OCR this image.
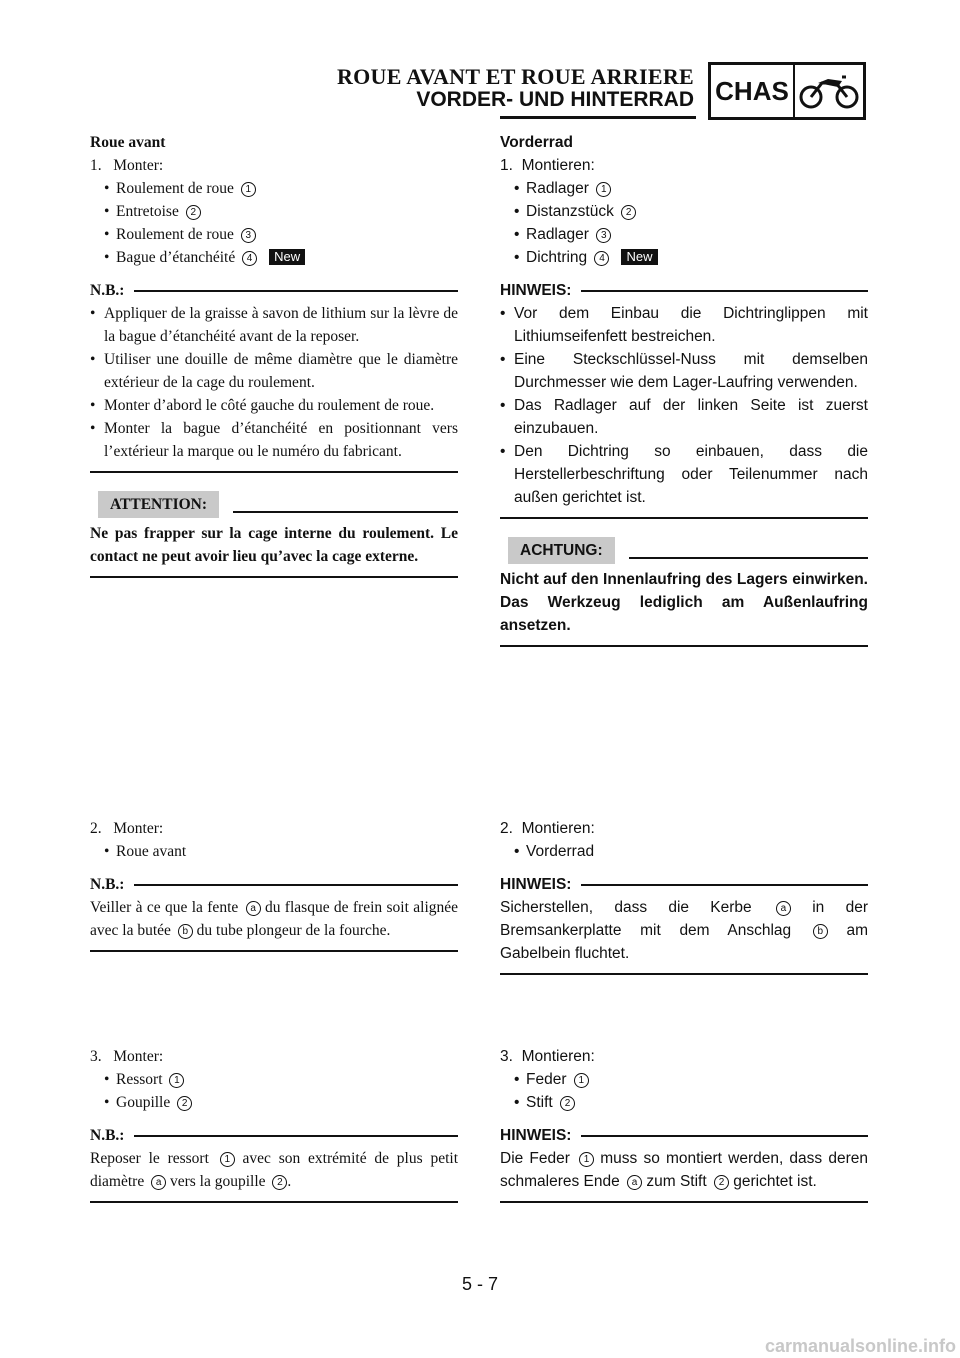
ROUE AVANT ET ROUE ARRIERE
VORDER- UND HINTERRAD CHAS
Roue avant
1. Monter:
• Roulement de roue 1
• Entretoise 2
• Roulement de roue 3
• Bague d’étanchéité 4 New
N.B.:
• Appliquer de la graisse à savon de lithium sur la lèvre de la bague d’étanchéité avant de la reposer.
• Utiliser une douille de même diamètre que le diamètre extérieur de la cage du roulement.
• Monter d’abord le côté gauche du roulement de roue.
• Monter la bague d’étanchéité en positionnant vers l’extérieur la marque ou le numéro du fabricant.
ATTENTION:
Ne pas frapper sur la cage interne du roulement. Le contact ne peut avoir lieu qu’avec la cage externe.
Vorderrad
1. Montieren:
• Radlager 1
• Distanzstück 2
• Radlager 3
• Dichtring 4 New
HINWEIS:
• Vor dem Einbau die Dichtringlippen mit Lithiumseifenfett bestreichen.
• Eine Steckschlüssel-Nuss mit demselben Durchmesser wie dem Lager-Laufring verwenden.
• Das Radlager auf der linken Seite ist zuerst einzubauen.
• Den Dichtring so einbauen, dass die Herstellerbeschriftung oder Teilenummer nach außen gerichtet ist.
ACHTUNG:
Nicht auf den Innenlaufring des Lagers einwirken. Das Werkzeug lediglich am Außenlaufring ansetzen.
2. Monter:
• Roue avant
N.B.:
Veiller à ce que la fente a du flasque de frein soit alignée avec la butée b du tube plongeur de la fourche.
2. Montieren:
• Vorderrad
HINWEIS:
Sicherstellen, dass die Kerbe a in der Bremsankerplatte mit dem Anschlag b am Gabelbein fluchtet.
3. Monter:
• Ressort 1
• Goupille 2
N.B.:
Reposer le ressort 1 avec son extrémité de plus petit diamètre a vers la goupille 2 .
3. Montieren:
• Feder 1
• Stift 2
HINWEIS:
Die Feder 1 muss so montiert werden, dass deren schmaleres Ende a zum Stift 2 gerichtet ist.
5 - 7
carmanualsonline.info
